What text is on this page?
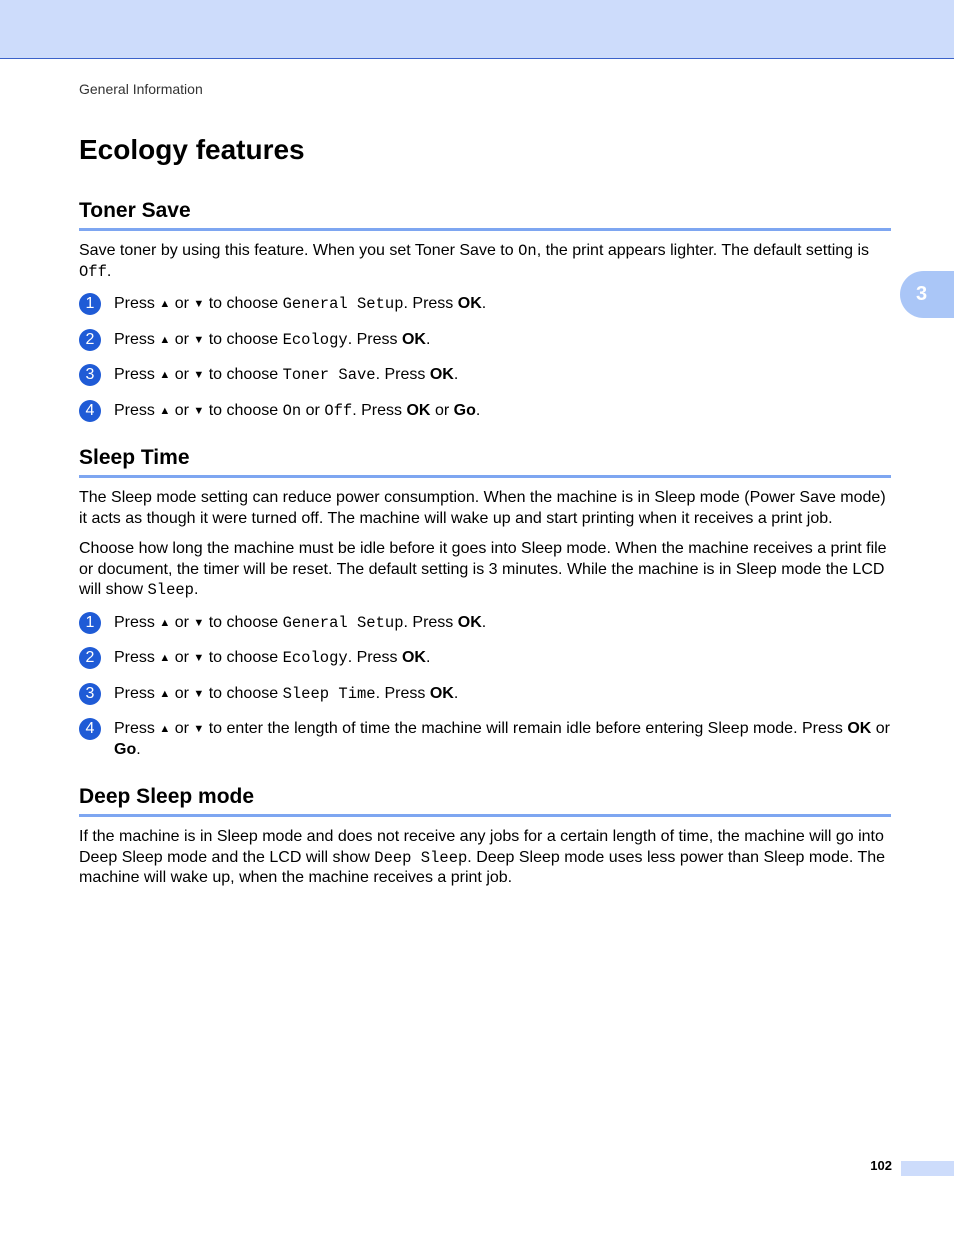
General Information
3
Ecology features
Toner Save

Save toner by using this feature. When you set Toner Save to On, the print appears lighter. The default setting is Off.

1	Press ▲ or ▼ to choose General Setup. Press OK.
2	Press ▲ or ▼ to choose Ecology. Press OK.
3	Press ▲ or ▼ to choose Toner Save. Press OK.
4	Press ▲ or ▼ to choose On or Off. Press OK or Go.
Sleep Time

The Sleep mode setting can reduce power consumption. When the machine is in Sleep mode (Power Save mode) it acts as though it were turned off. The machine will wake up and start printing when it receives a print job.

Choose how long the machine must be idle before it goes into Sleep mode. When the machine receives a print file or document, the timer will be reset. The default setting is 3 minutes. While the machine is in Sleep mode the LCD will show Sleep.

1	Press ▲ or ▼ to choose General Setup. Press OK.
2	Press ▲ or ▼ to choose Ecology. Press OK.
3	Press ▲ or ▼ to choose Sleep Time. Press OK.
4	Press ▲ or ▼ to enter the length of time the machine will remain idle before entering Sleep mode. Press OK or Go.
Deep Sleep mode

If the machine is in Sleep mode and does not receive any jobs for a certain length of time, the machine will go into Deep Sleep mode and the LCD will show Deep Sleep. Deep Sleep mode uses less power than Sleep mode. The machine will wake up, when the machine receives a print job.

102
